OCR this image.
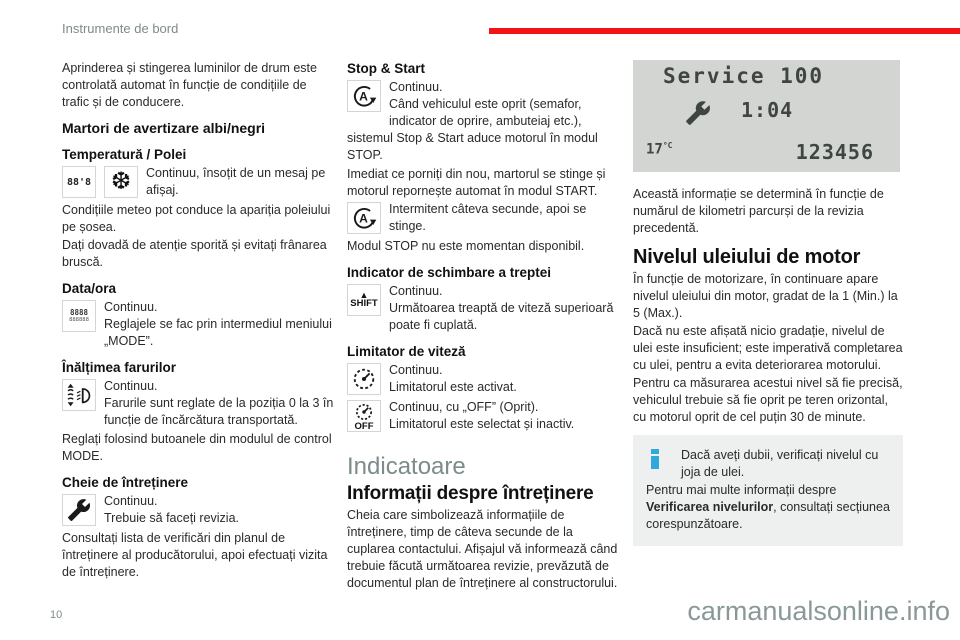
Instrumente de bord

Aprinderea și stingerea luminilor de drum este controlată automat în funcție de condițiile de trafic și de conducere.

Martori de avertizare albi/negri
Temperatură / Polei
88'8 ❆	Continuu, însoțit de un mesaj pe afișaj.

Condițiile meteo pot conduce la apariția poleiului pe șosea.

Dați dovadă de atenție sporită și evitați frânarea bruscă.

Data/ora
8888
888888

Continuu.
Reglajele se fac prin intermediul meniului „MODE”.

Înălțimea farurilor

Continuu.
Farurile sunt reglate de la poziția 0 la 3 în funcție de încărcătura transportată.

Reglați folosind butoanele din modulul de control MODE.

Cheie de întreținere

Continuu.
Trebuie să faceți revizia.

Consultați lista de verificări din planul de întreținere al producătorului, apoi efectuați vizita de întreținere.

Stop & Start
A

Continuu.
Când vehiculul este oprit (semafor, indicator de oprire, ambuteiaj etc.), sistemul Stop & Start aduce motorul în modul STOP.

Imediat ce porniți din nou, martorul se stinge și motorul repornește automat în modul START.

A

Intermitent câteva secunde, apoi se stinge.

Modul STOP nu este momentan disponibil.

Indicator de schimbare a treptei
▲
SHIFT

Continuu.
Următoarea treaptă de viteză superioară poate fi cuplată.

Limitator de viteză

Continuu.
Limitatorul este activat.

OFF

Continuu, cu „OFF” (Oprit).
Limitatorul este selectat și inactiv.

Indicatoare
Informații despre întreținere

Cheia care simbolizează informațiile de întreținere, timp de câteva secunde de la cuplarea contactului. Afișajul vă informează când trebuie făcută următoarea revizie, prevăzută de documentul plan de întreținere al constructorului.

Service 100
1:04
$17^{^\circ C}$	123456

Această informație se determină în funcție de numărul de kilometri parcurși de la revizia precedentă.

Nivelul uleiului de motor

În funcție de motorizare, în continuare apare nivelul uleiului din motor, gradat de la 1 (Min.) la 5 (Max.).

Dacă nu este afișată nicio gradație, nivelul de ulei este insuficient; este imperativă completarea cu ulei, pentru a evita deteriorarea motorului.

Pentru ca măsurarea acestui nivel să fie precisă, vehiculul trebuie să fie oprit pe teren orizontal, cu motorul oprit de cel puțin 30 de minute.

Dacă aveți dubii, verificați nivelul cu joja de ulei.

Pentru mai multe informații despre Verificarea nivelurilor, consultați secțiunea corespunzătoare.

10	carmanualsonline.info
